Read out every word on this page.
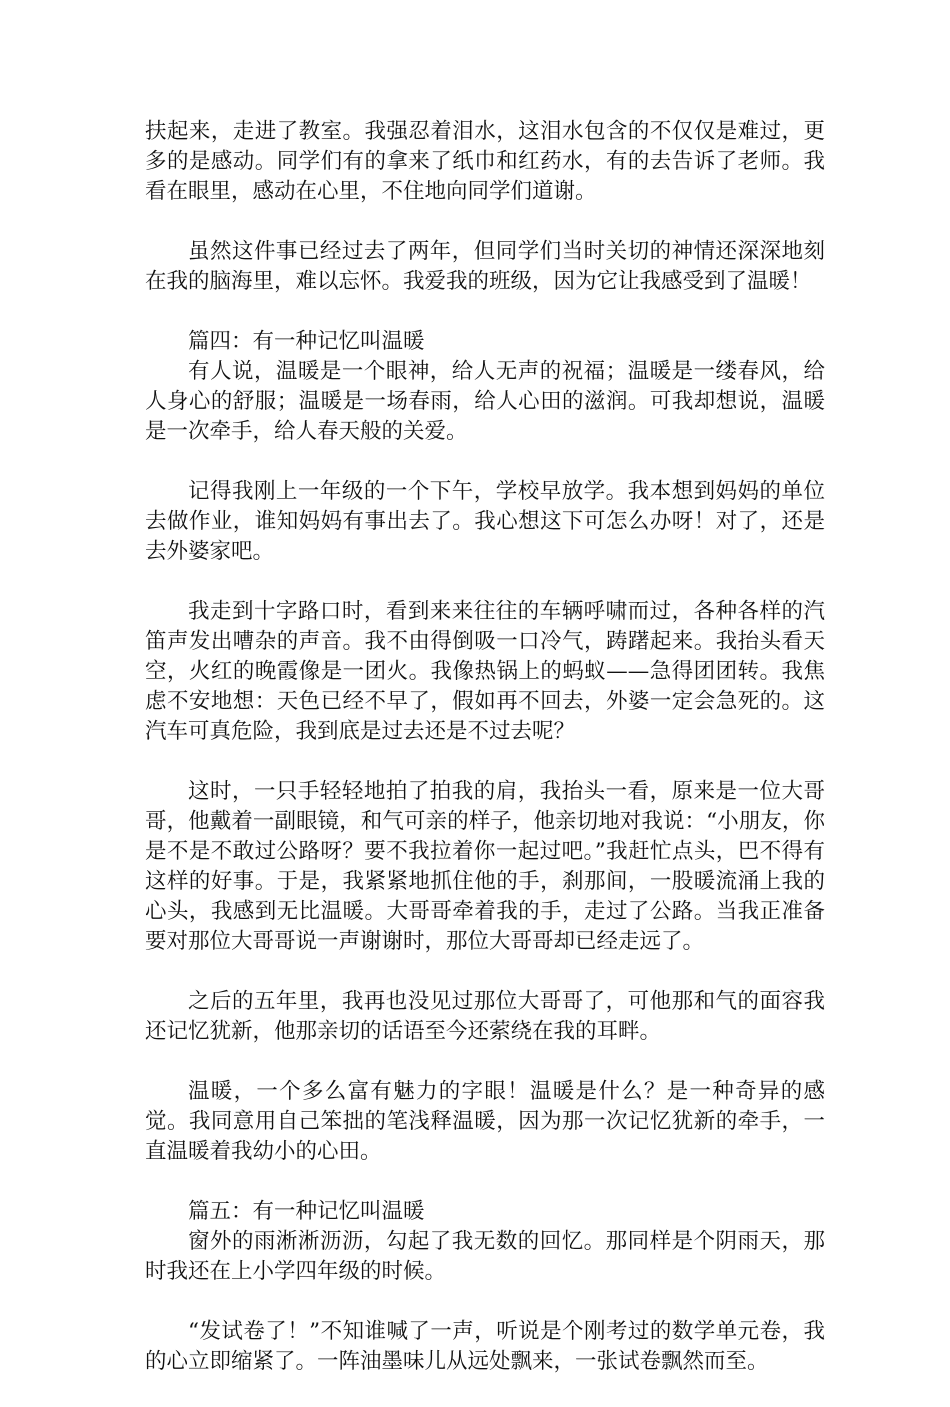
扶起来，走进了教室。我强忍着泪水，这泪水包含的不仅仅是难过，更多的是感动。同学们有的拿来了纸巾和红药水，有的去告诉了老师。我看在眼里，感动在心里，不住地向同学们道谢。

虽然这件事已经过去了两年，但同学们当时关切的神情还深深地刻在我的脑海里，难以忘怀。我爱我的班级，因为它让我感受到了温暖！

篇四：有一种记忆叫温暖

有人说，温暖是一个眼神，给人无声的祝福；温暖是一缕春风，给人身心的舒服；温暖是一场春雨，给人心田的滋润。可我却想说，温暖是一次牵手，给人春天般的关爱。

记得我刚上一年级的一个下午，学校早放学。我本想到妈妈的单位去做作业，谁知妈妈有事出去了。我心想这下可怎么办呀！对了，还是去外婆家吧。

我走到十字路口时，看到来来往往的车辆呼啸而过，各种各样的汽笛声发出嘈杂的声音。我不由得倒吸一口冷气，踌躇起来。我抬头看天空，火红的晚霞像是一团火。我像热锅上的蚂蚁——急得团团转。我焦虑不安地想：天色已经不早了，假如再不回去，外婆一定会急死的。这汽车可真危险，我到底是过去还是不过去呢？

这时，一只手轻轻地拍了拍我的肩，我抬头一看，原来是一位大哥哥，他戴着一副眼镜，和气可亲的样子，他亲切地对我说：“小朋友，你是不是不敢过公路呀？要不我拉着你一起过吧。”我赶忙点头，巴不得有这样的好事。于是，我紧紧地抓住他的手，刹那间，一股暖流涌上我的心头，我感到无比温暖。大哥哥牵着我的手，走过了公路。当我正准备要对那位大哥哥说一声谢谢时，那位大哥哥却已经走远了。

之后的五年里，我再也没见过那位大哥哥了，可他那和气的面容我还记忆犹新，他那亲切的话语至今还萦绕在我的耳畔。

温暖，一个多么富有魅力的字眼！温暖是什么？是一种奇异的感觉。我同意用自己笨拙的笔浅释温暖，因为那一次记忆犹新的牵手，一直温暖着我幼小的心田。

篇五：有一种记忆叫温暖

窗外的雨淅淅沥沥，勾起了我无数的回忆。那同样是个阴雨天，那时我还在上小学四年级的时候。

“发试卷了！”不知谁喊了一声，听说是个刚考过的数学单元卷，我的心立即缩紧了。一阵油墨味儿从远处飘来，一张试卷飘然而至。
